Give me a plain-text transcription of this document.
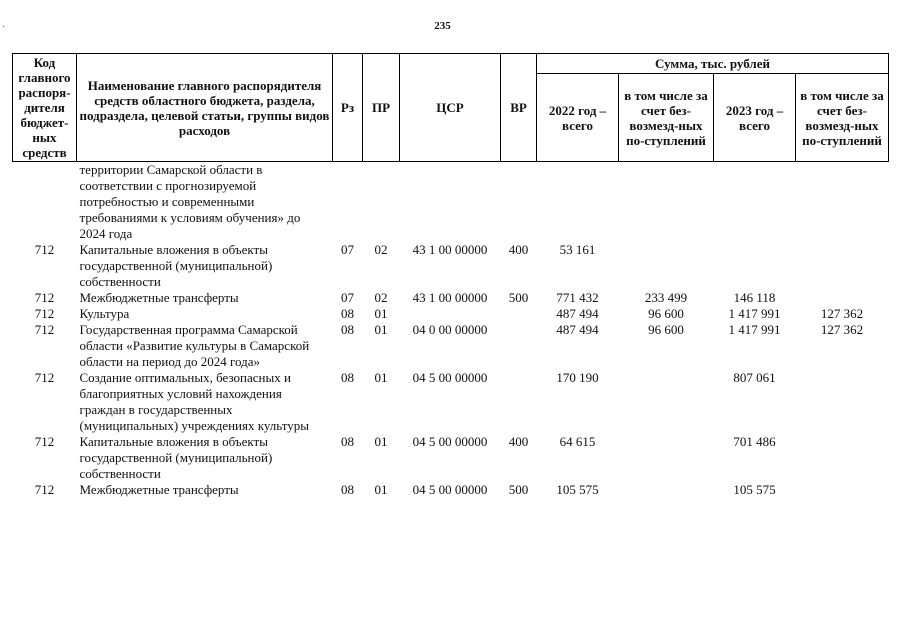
235
·
Код главного распоря-дителя бюджет-ных средств	Наименование главного распорядителя средств областного бюджета, раздела, подраздела, целевой статьи, группы видов расходов	Рз	ПР	ЦСР	ВР	Сумма, тыс. рублей			
						2022 год – всего	в том числе за счет без-возмезд-ных по-ступлений	2023 год – всего	в том числе за счет без-возмезд-ных по-ступлений
	территории Самарской области в соответствии с прогнозируемой потребностью и современными требованиями к условиям обучения» до 2024 года								
712	Капитальные вложения в объекты государственной (муниципальной) собственности	07	02	43 1 00 00000	400	53 161			
712	Межбюджетные трансферты	07	02	43 1 00 00000	500	771 432	233 499	146 118	
712	Культура	08	01			487 494	96 600	1 417 991	127 362
712	Государственная программа Самарской области «Развитие культуры в Самарской области на период до 2024 года»	08	01	04 0 00 00000		487 494	96 600	1 417 991	127 362
712	Создание оптимальных, безопасных и благоприятных условий нахождения граждан в государственных (муниципальных) учреждениях культуры	08	01	04 5 00 00000		170 190		807 061	
712	Капитальные вложения в объекты государственной (муниципальной) собственности	08	01	04 5 00 00000	400	64 615		701 486	
712	Межбюджетные трансферты	08	01	04 5 00 00000	500	105 575		105 575	
